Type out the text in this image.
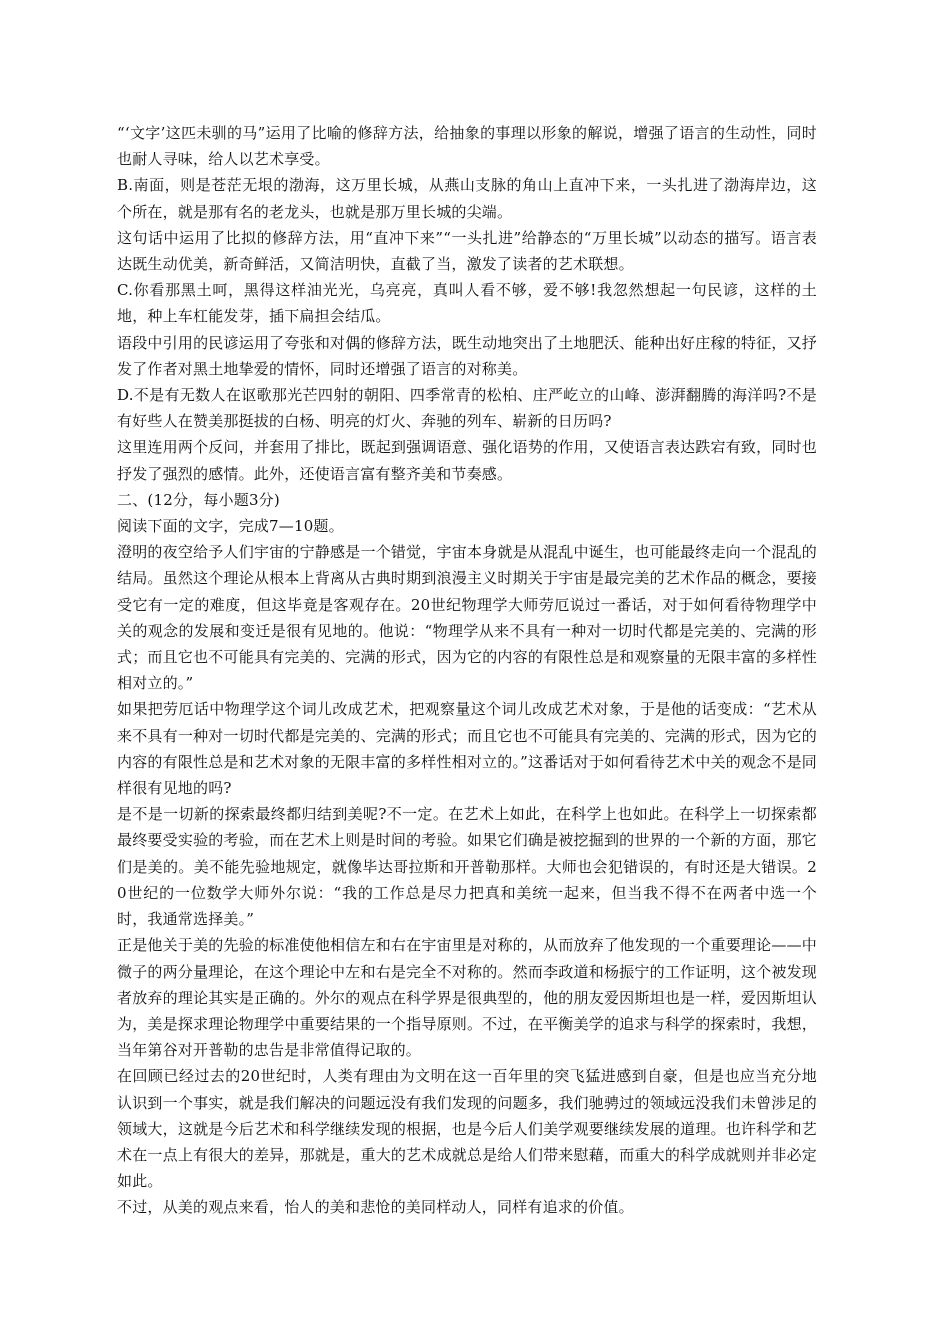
“‘文字’这匹未驯的马”运用了比喻的修辞方法，给抽象的事理以形象的解说，增强了语言的生动性，同时也耐人寻味，给人以艺术享受。

B.南面，则是苍茫无垠的渤海，这万里长城，从燕山支脉的角山上直冲下来，一头扎进了渤海岸边，这个所在，就是那有名的老龙头，也就是那万里长城的尖端。

这句话中运用了比拟的修辞方法，用“直冲下来”“一头扎进”给静态的“万里长城”以动态的描写。语言表达既生动优美，新奇鲜活，又简洁明快，直截了当，激发了读者的艺术联想。

C.你看那黑土呵，黑得这样油光光，乌亮亮，真叫人看不够，爱不够!我忽然想起一句民谚，这样的土地，种上车杠能发芽，插下扁担会结瓜。

语段中引用的民谚运用了夸张和对偶的修辞方法，既生动地突出了土地肥沃、能种出好庄稼的特征，又抒发了作者对黑土地挚爱的情怀，同时还增强了语言的对称美。

D.不是有无数人在讴歌那光芒四射的朝阳、四季常青的松柏、庄严屹立的山峰、澎湃翻腾的海洋吗?不是有好些人在赞美那挺拔的白杨、明亮的灯火、奔驰的列车、崭新的日历吗?

这里连用两个反问，并套用了排比，既起到强调语意、强化语势的作用，又使语言表达跌宕有致，同时也抒发了强烈的感情。此外，还使语言富有整齐美和节奏感。

二、(12分，每小题3分)

阅读下面的文字，完成7—10题。

澄明的夜空给予人们宇宙的宁静感是一个错觉，宇宙本身就是从混乱中诞生，也可能最终走向一个混乱的结局。虽然这个理论从根本上背离从古典时期到浪漫主义时期关于宇宙是最完美的艺术作品的概念，要接受它有一定的难度，但这毕竟是客观存在。20世纪物理学大师劳厄说过一番话，对于如何看待物理学中关的观念的发展和变迁是很有见地的。他说：“物理学从来不具有一种对一切时代都是完美的、完满的形式；而且它也不可能具有完美的、完满的形式，因为它的内容的有限性总是和观察量的无限丰富的多样性相对立的。”

如果把劳厄话中物理学这个词儿改成艺术，把观察量这个词儿改成艺术对象，于是他的话变成：“艺术从来不具有一种对一切时代都是完美的、完满的形式；而且它也不可能具有完美的、完满的形式，因为它的内容的有限性总是和艺术对象的无限丰富的多样性相对立的。”这番话对于如何看待艺术中关的观念不是同样很有见地的吗?

是不是一切新的探索最终都归结到美呢?不一定。在艺术上如此，在科学上也如此。在科学上一切探索都最终要受实验的考验，而在艺术上则是时间的考验。如果它们确是被挖掘到的世界的一个新的方面，那它们是美的。美不能先验地规定，就像毕达哥拉斯和开普勒那样。大师也会犯错误的，有时还是大错误。20世纪的一位数学大师外尔说：“我的工作总是尽力把真和美统一起来，但当我不得不在两者中选一个时，我通常选择美。”

正是他关于美的先验的标准使他相信左和右在宇宙里是对称的，从而放弃了他发现的一个重要理论——中微子的两分量理论，在这个理论中左和右是完全不对称的。然而李政道和杨振宁的工作证明，这个被发现者放弃的理论其实是正确的。外尔的观点在科学界是很典型的，他的朋友爱因斯坦也是一样，爱因斯坦认为，美是探求理论物理学中重要结果的一个指导原则。不过，在平衡美学的追求与科学的探索时，我想，当年第谷对开普勒的忠告是非常值得记取的。

在回顾已经过去的20世纪时，人类有理由为文明在这一百年里的突飞猛进感到自豪，但是也应当充分地认识到一个事实，就是我们解决的问题远没有我们发现的问题多，我们驰骋过的领域远没我们未曾涉足的领域大，这就是今后艺术和科学继续发现的根据，也是今后人们美学观要继续发展的道理。也许科学和艺术在一点上有很大的差异，那就是，重大的艺术成就总是给人们带来慰藉，而重大的科学成就则并非必定如此。

不过，从美的观点来看，怡人的美和悲怆的美同样动人，同样有追求的价值。
